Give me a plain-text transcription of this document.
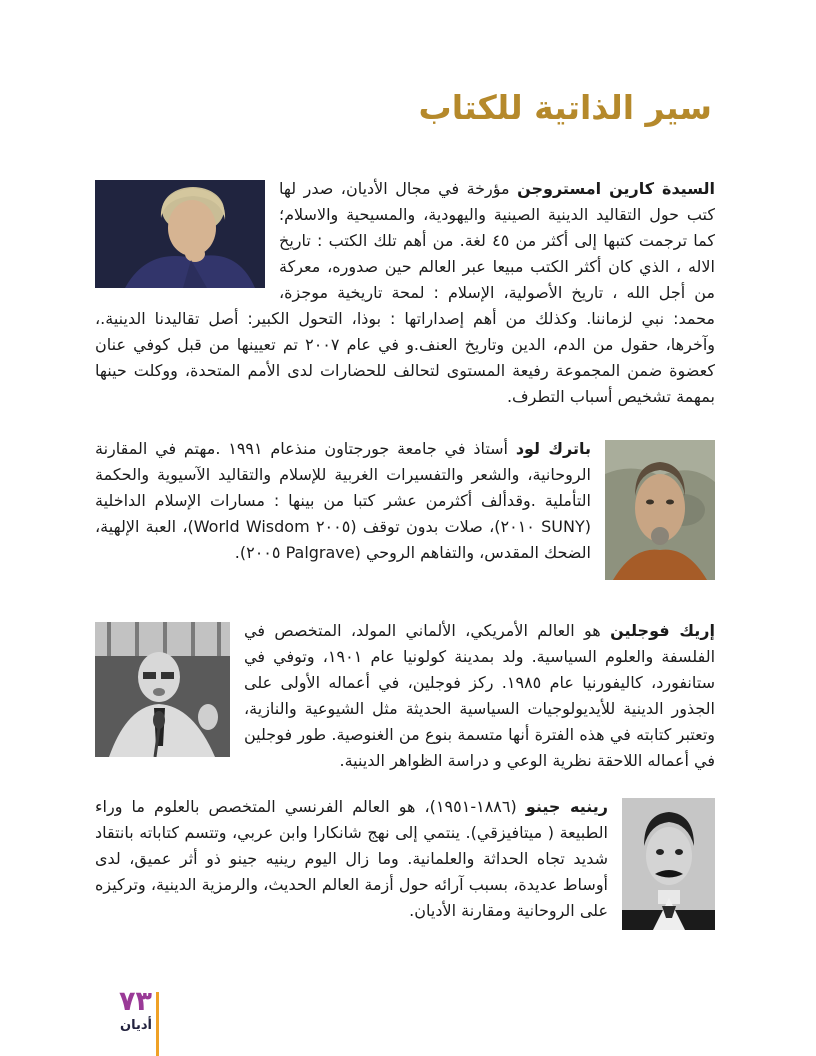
سير الذاتية للكتاب
السيدة كارين امستروجن مؤرخة في مجال الأديان، صدر لها كتب حول التقاليد الدينية الصينية واليهودية، والمسيحية والاسلام؛ كما ترجمت كتبها إلى أكثر من ٤٥ لغة. من أهم تلك الكتب : تاريخ الاله ، الذي كان أكثر الكتب مبيعا عبر العالم حين صدوره، معركة من أجل الله ، تاريخ الأصولية، الإسلام : لمحة تاريخية موجزة، محمد: نبي لزماننا. وكذلك من أهم إصداراتها : بوذا، التحول الكبير: أصل تقاليدنا الدينية.، وآخرها، حقول من الدم، الدين وتاريخ العنف.و في عام ٢٠٠٧ تم تعيينها من قبل كوفي عنان كعضوة ضمن المجموعة رفيعة المستوى لتحالف للحضارات لدى الأمم المتحدة، ووكلت حينها بمهمة تشخيص أسباب التطرف.
باترك لود أستاذ في جامعة جورجتاون منذعام ١٩٩١ .مهتم في المقارنة الروحانية، والشعر والتفسيرات الغربية للإسلام والتقاليد الآسيوية والحكمة التأملية .وقدألف أكثرمن عشر كتبا من بينها : مسارات الإسلام الداخلية (SUNY ٢٠١٠)، صلات بدون توقف (٢٠٠٥ World Wisdom)، العبة الإلهية، الضحك المقدس، والتفاهم الروحي (Palgrave ٢٠٠٥).
إريك فوجلين هو العالم الأمريكي، الألماني المولد، المتخصص في الفلسفة والعلوم السياسية. ولد بمدينة كولونيا عام ١٩٠١، وتوفي في ستانفورد، كاليفورنيا عام ١٩٨٥. ركز فوجلين، في أعماله الأولى على الجذور الدينية للأيديولوجيات السياسية الحديثة مثل الشيوعية والنازية، وتعتبر كتابته في هذه الفترة أنها متسمة بنوع من الغنوصية. طور فوجلين في أعماله اللاحقة نظرية الوعي و دراسة الظواهر الدينية.
رينيه جينو (١٨٨٦-١٩٥١)، هو العالم الفرنسي المتخصص بالعلوم ما وراء الطبيعة ( ميتافيزقي). ينتمي إلى نهج شانكارا وابن عربي، وتتسم كتاباته بانتقاد شديد تجاه الحداثة والعلمانية. وما زال اليوم رينيه جينو ذو أثر عميق، لدى أوساط عديدة، بسبب آرائه حول أزمة العالم الحديث، والرمزية الدينية، وتركيزه على الروحانية ومقارنة الأديان.
٧٣
أديان
